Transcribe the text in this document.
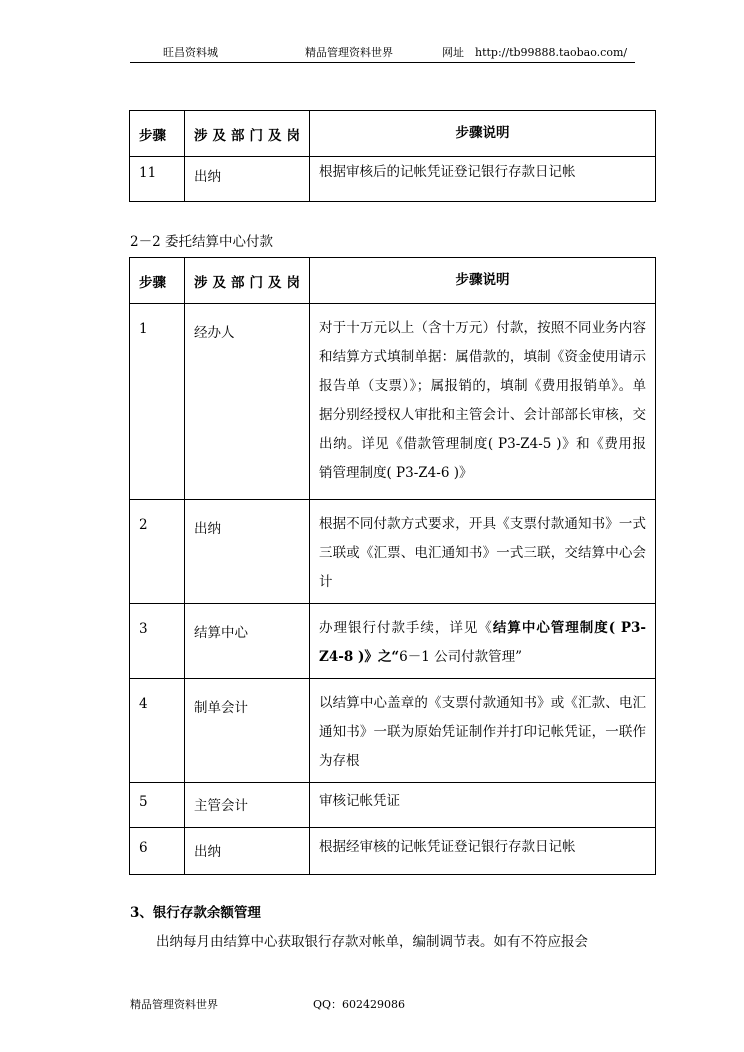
旺昌资料城	精品管理资料世界	网址　http://tb99888.taobao.com/
步骤	涉及部门及岗	步骤说明
11	出纳	根据审核后的记帐凭证登记银行存款日记帐
2－2 委托结算中心付款
步骤	涉及部门及岗	步骤说明
1	经办人	对于十万元以上（含十万元）付款，按照不同业务内容和结算方式填制单据：属借款的，填制《资金使用请示报告单（支票）》；属报销的，填制《费用报销单》。单据分别经授权人审批和主管会计、会计部部长审核，交出纳。详见《借款管理制度( P3-Z4-5 )》和《费用报销管理制度( P3-Z4-6 )》
2	出纳	根据不同付款方式要求，开具《支票付款通知书》一式三联或《汇票、电汇通知书》一式三联，交结算中心会计
3	结算中心	办理银行付款手续，详见《结算中心管理制度( P3-Z4-8 )》之“6－1 公司付款管理”
4	制单会计	以结算中心盖章的《支票付款通知书》或《汇款、电汇通知书》一联为原始凭证制作并打印记帐凭证，一联作为存根
5	主管会计	审核记帐凭证
6	出纳	根据经审核的记帐凭证登记银行存款日记帐
3、银行存款余额管理
出纳每月由结算中心获取银行存款对帐单，编制调节表。如有不符应报会
精品管理资料世界	QQ：602429086
